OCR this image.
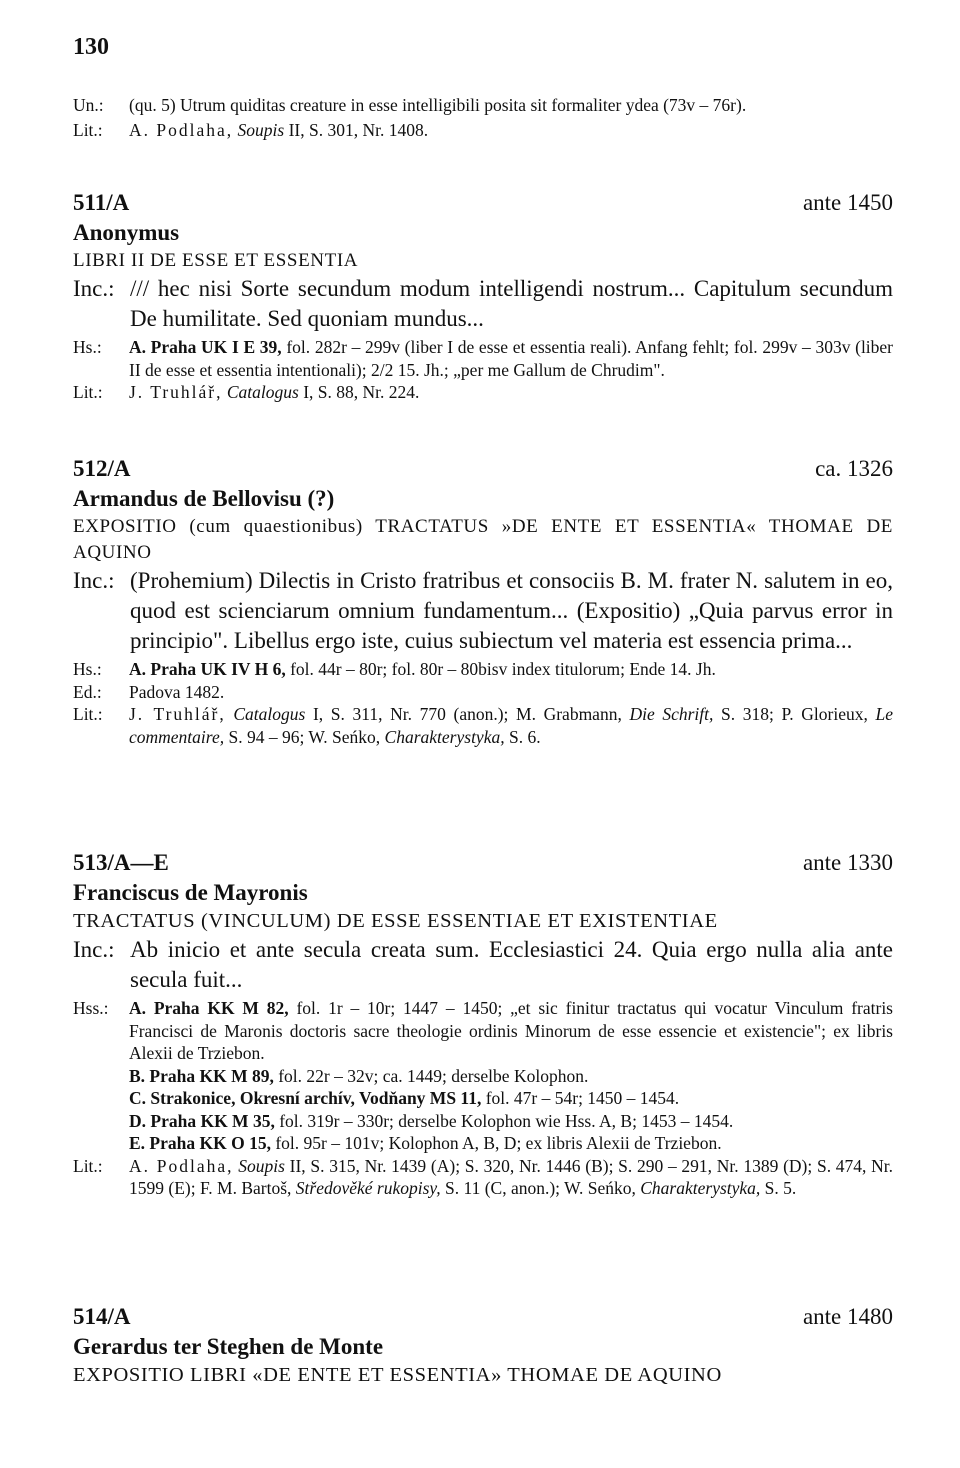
130
Un.:	(qu. 5) Utrum quiditas creature in esse intelligibili posita sit formaliter ydea (73v – 76r).
Lit.:	A. Podlaha, Soupis II, S. 301, Nr. 1408.
511/A	ante 1450
Anonymus
LIBRI II DE ESSE ET ESSENTIA
Inc.: /// hec nisi Sorte secundum modum intelligendi nostrum... Capitulum secundum De humilitate. Sed quoniam mundus...
Hs.:	A. Praha UK I E 39, fol. 282r – 299v (liber I de esse et essentia reali). Anfang fehlt; fol. 299v – 303v (liber II de esse et essentia intentionali); 2/2 15. Jh.; „per me Gallum de Chrudim".
Lit.:	J. Truhlář, Catalogus I, S. 88, Nr. 224.
512/A	ca. 1326
Armandus de Bellovisu (?)
EXPOSITIO (cum quaestionibus) TRACTATUS »DE ENTE ET ESSENTIA« THOMAE DE AQUINO
Inc.: (Prohemium) Dilectis in Cristo fratribus et consociis B. M. frater N. salutem in eo, quod est scienciarum omnium fundamentum... (Expositio) „Quia parvus error in principio". Libellus ergo iste, cuius subiectum vel materia est essencia prima...
Hs.:	A. Praha UK IV H 6, fol. 44r – 80r; fol. 80r – 80bisv index titulorum; Ende 14. Jh.
Ed.:	Padova 1482.
Lit.:	J. Truhlář, Catalogus I, S. 311, Nr. 770 (anon.); M. Grabmann, Die Schrift, S. 318; P. Glorieux, Le commentaire, S. 94 – 96; W. Seńko, Charakterystyka, S. 6.
513/A—E	ante 1330
Franciscus de Mayronis
TRACTATUS (VINCULUM) DE ESSE ESSENTIAE ET EXISTENTIAE
Inc.: Ab inicio et ante secula creata sum. Ecclesiastici 24. Quia ergo nulla alia ante secula fuit...
Hss.:	A. Praha KK M 82, fol. 1r – 10r; 1447 – 1450; „et sic finitur tractatus qui vocatur Vinculum fratris Francisci de Maronis doctoris sacre theologie ordinis Minorum de esse essencie et existencie"; ex libris Alexii de Trziebon.

B. Praha KK M 89, fol. 22r – 32v; ca. 1449; derselbe Kolophon.

C. Strakonice, Okresní archív, Vodňany MS 11, fol. 47r – 54r; 1450 – 1454.

D. Praha KK M 35, fol. 319r – 330r; derselbe Kolophon wie Hss. A, B; 1453 – 1454.

E. Praha KK O 15, fol. 95r – 101v; Kolophon A, B, D; ex libris Alexii de Trziebon.

Lit.:	A. Podlaha, Soupis II, S. 315, Nr. 1439 (A); S. 320, Nr. 1446 (B); S. 290 – 291, Nr. 1389 (D); S. 474, Nr. 1599 (E); F. M. Bartoš, Středověké rukopisy, S. 11 (C, anon.); W. Seńko, Charakterystyka, S. 5.
514/A	ante 1480
Gerardus ter Steghen de Monte
EXPOSITIO LIBRI «DE ENTE ET ESSENTIA» THOMAE DE AQUINO
